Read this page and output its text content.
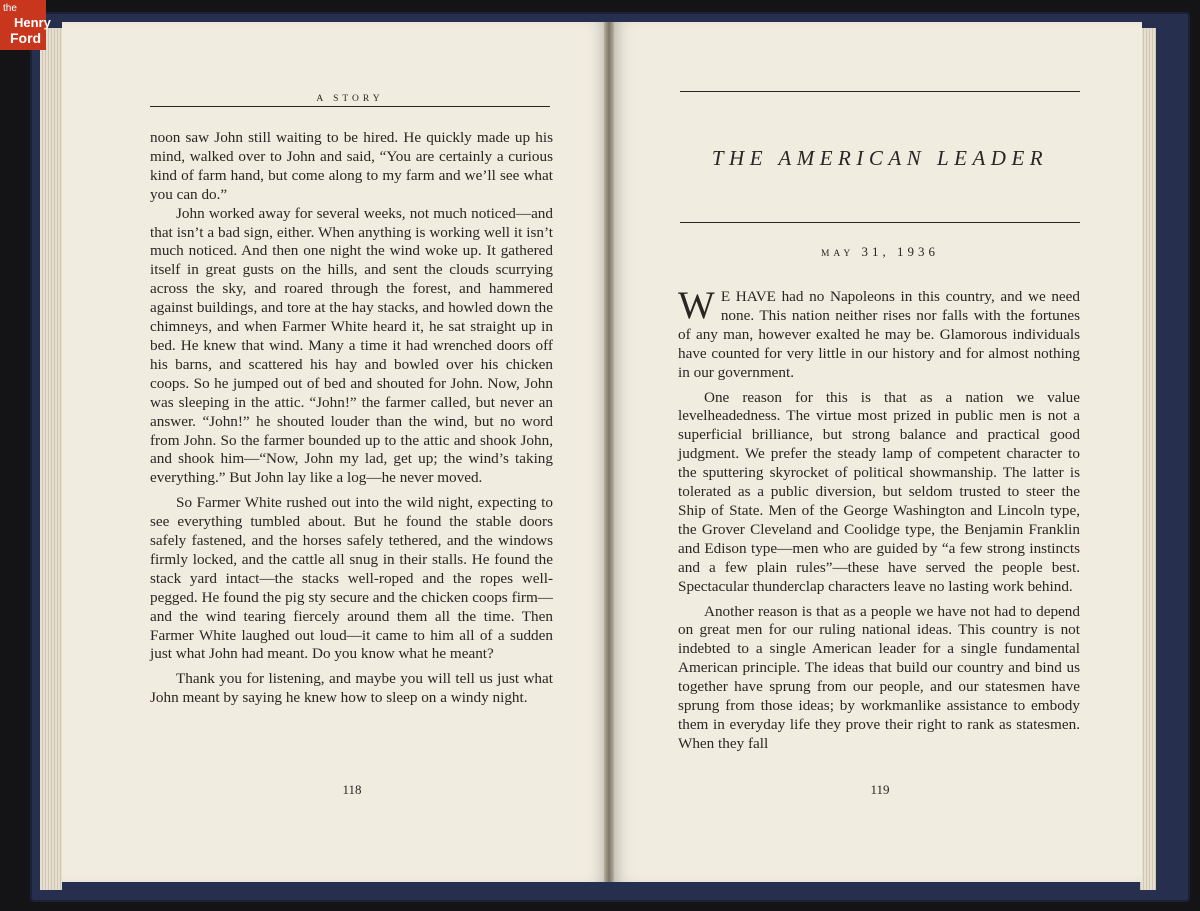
A STORY

noon saw John still waiting to be hired. He quickly made up his mind, walked over to John and said, “You are certainly a curious kind of farm hand, but come along to my farm and we’ll see what you can do.”

John worked away for several weeks, not much noticed—and that isn’t a bad sign, either. When anything is working well it isn’t much noticed. And then one night the wind woke up. It gathered itself in great gusts on the hills, and sent the clouds scurrying across the sky, and roared through the forest, and hammered against buildings, and tore at the hay stacks, and howled down the chimneys, and when Farmer White heard it, he sat straight up in bed. He knew that wind. Many a time it had wrenched doors off his barns, and scattered his hay and bowled over his chicken coops. So he jumped out of bed and shouted for John. Now, John was sleeping in the attic. “John!” the farmer called, but never an answer. “John!” he shouted louder than the wind, but no word from John. So the farmer bounded up to the attic and shook John, and shook him—“Now, John my lad, get up; the wind’s taking everything.” But John lay like a log—he never moved.

So Farmer White rushed out into the wild night, expecting to see everything tumbled about. But he found the stable doors safely fastened, and the horses safely tethered, and the windows firmly locked, and the cattle all snug in their stalls. He found the stack yard intact—the stacks well-roped and the ropes well-pegged. He found the pig sty secure and the chicken coops firm—and the wind tearing fiercely around them all the time. Then Farmer White laughed out loud—it came to him all of a sudden just what John had meant. Do you know what he meant?

Thank you for listening, and maybe you will tell us just what John meant by saying he knew how to sleep on a windy night.

118
THE AMERICAN LEADER
MAY 31, 1936

W E HAVE had no Napoleons in this country, and we need none. This nation neither rises nor falls with the fortunes of any man, however exalted he may be. Glamorous individuals have counted for very little in our history and for almost nothing in our government.

One reason for this is that as a nation we value levelheadedness. The virtue most prized in public men is not a superficial brilliance, but strong balance and practical good judgment. We prefer the steady lamp of competent character to the sputtering skyrocket of political showmanship. The latter is tolerated as a public diversion, but seldom trusted to steer the Ship of State. Men of the George Washington and Lincoln type, the Grover Cleveland and Coolidge type, the Benjamin Franklin and Edison type—men who are guided by “a few strong instincts and a few plain rules”—these have served the people best. Spectacular thunderclap characters leave no lasting work behind.

Another reason is that as a people we have not had to depend on great men for our ruling national ideas. This country is not indebted to a single American leader for a single fundamental American principle. The ideas that build our country and bind us together have sprung from our people, and our statesmen have sprung from those ideas; by workmanlike assistance to embody them in everyday life they prove their right to rank as statesmen. When they fall

119
the
Henry
Ford
